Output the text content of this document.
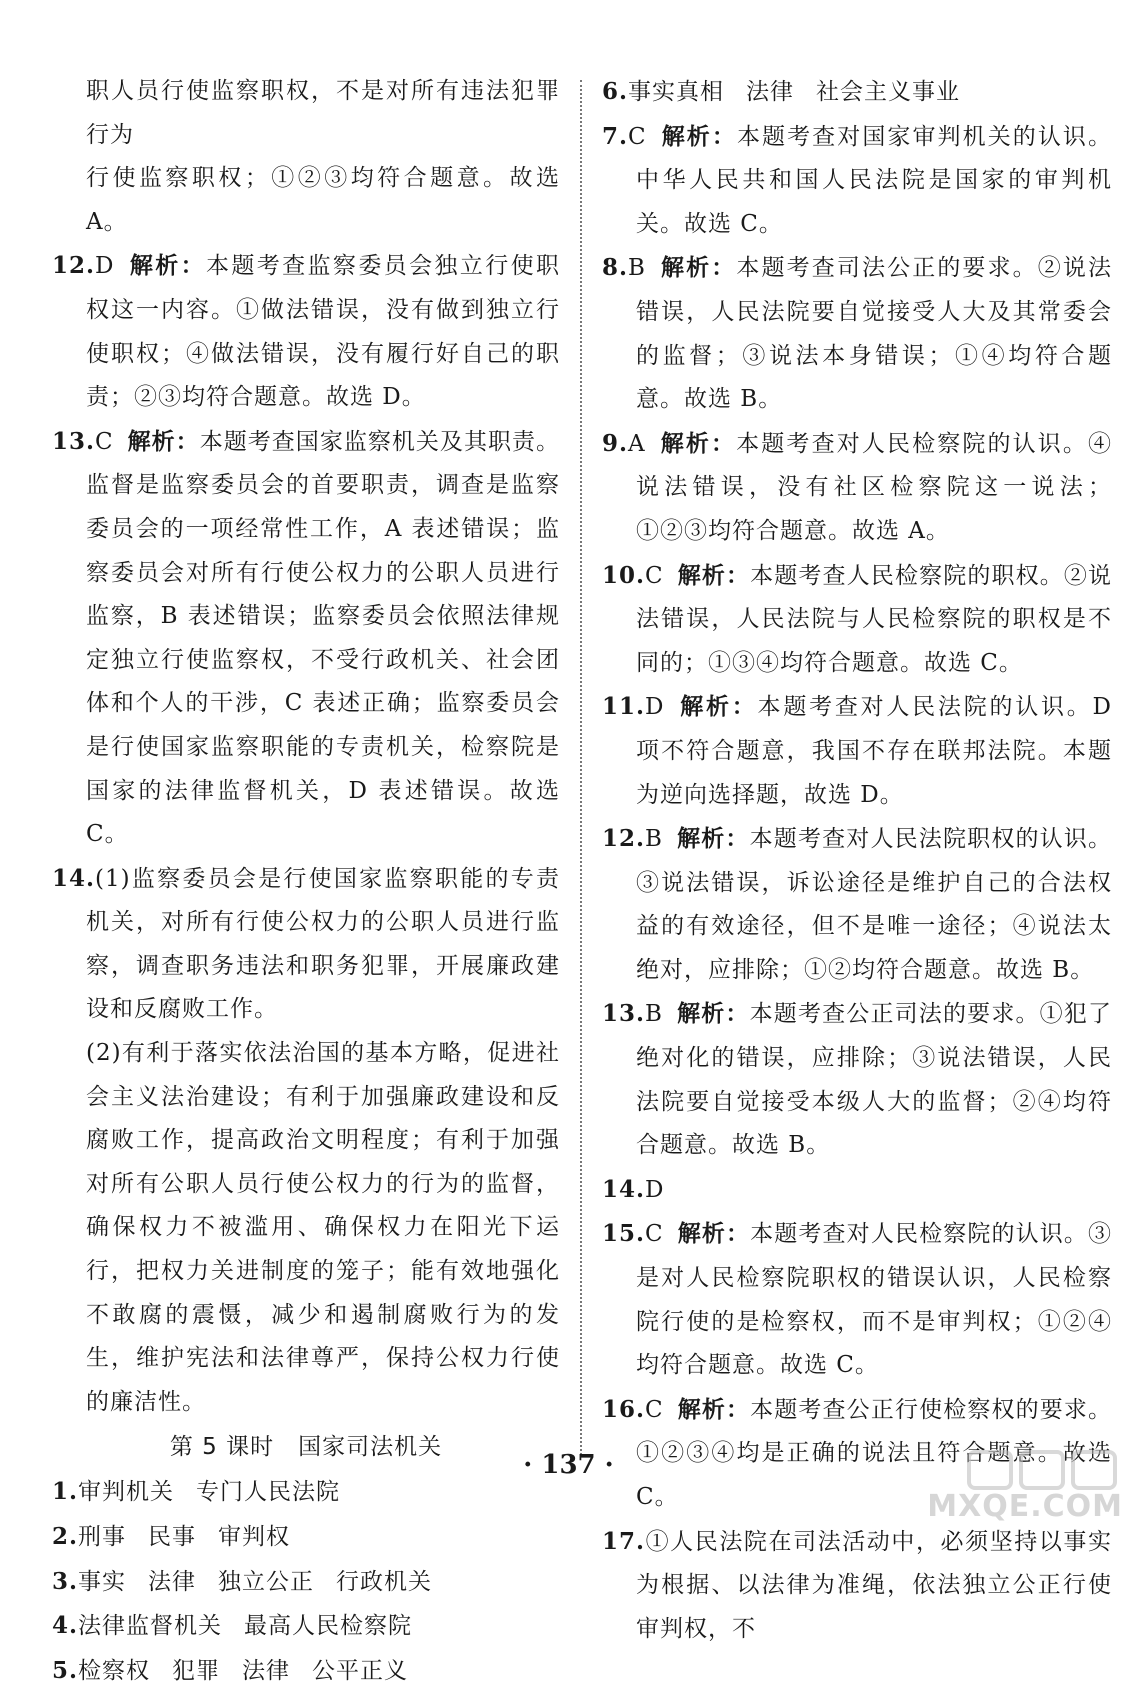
职人员行使监察职权，不是对所有违法犯罪行为

行使监察职权；①②③均符合题意。故选 A。

12.D 解析：本题考查监察委员会独立行使职权这一内容。①做法错误，没有做到独立行使职权；④做法错误，没有履行好自己的职责；②③均符合题意。故选 D。

13.C 解析：本题考查国家监察机关及其职责。监督是监察委员会的首要职责，调查是监察委员会的一项经常性工作，A 表述错误；监察委员会对所有行使公权力的公职人员进行监察，B 表述错误；监察委员会依照法律规定独立行使监察权，不受行政机关、社会团体和个人的干涉，C 表述正确；监察委员会是行使国家监察职能的专责机关，检察院是国家的法律监督机关，D 表述错误。故选 C。

14.(1)监察委员会是行使国家监察职能的专责机关，对所有行使公权力的公职人员进行监察，调查职务违法和职务犯罪，开展廉政建设和反腐败工作。

(2)有利于落实依法治国的基本方略，促进社会主义法治建设；有利于加强廉政建设和反腐败工作，提高政治文明程度；有利于加强对所有公职人员行使公权力的行为的监督，确保权力不被滥用、确保权力在阳光下运行，把权力关进制度的笼子；能有效地强化不敢腐的震慑，减少和遏制腐败行为的发生，维护宪法和法律尊严，保持公权力行使的廉洁性。

第 5 课时　国家司法机关

1.审判机关 专门人民法院

2.刑事 民事 审判权

3.事实 法律 独立公正 行政机关

4.法律监督机关 最高人民检察院

5.检察权 犯罪 法律 公平正义

6.事实真相 法律 社会主义事业

7.C 解析：本题考查对国家审判机关的认识。中华人民共和国人民法院是国家的审判机关。故选 C。

8.B 解析：本题考查司法公正的要求。②说法错误，人民法院要自觉接受人大及其常委会的监督；③说法本身错误；①④均符合题意。故选 B。

9.A 解析：本题考查对人民检察院的认识。④说法错误，没有社区检察院这一说法；①②③均符合题意。故选 A。

10.C 解析：本题考查人民检察院的职权。②说法错误，人民法院与人民检察院的职权是不同的；①③④均符合题意。故选 C。

11.D 解析：本题考查对人民法院的认识。D 项不符合题意，我国不存在联邦法院。本题为逆向选择题，故选 D。

12.B 解析：本题考查对人民法院职权的认识。③说法错误，诉讼途径是维护自己的合法权益的有效途径，但不是唯一途径；④说法太绝对，应排除；①②均符合题意。故选 B。

13.B 解析：本题考查公正司法的要求。①犯了绝对化的错误，应排除；③说法错误，人民法院要自觉接受本级人大的监督；②④均符合题意。故选 B。

14.D

15.C 解析：本题考查对人民检察院的认识。③是对人民检察院职权的错误认识，人民检察院行使的是检察权，而不是审判权；①②④均符合题意。故选 C。

16.C 解析：本题考查公正行使检察权的要求。①②③④均是正确的说法且符合题意。故选 C。

17.①人民法院在司法活动中，必须坚持以事实为根据、以法律为准绳，依法独立公正行使审判权，不

· 137 ·
MXQE.COM
